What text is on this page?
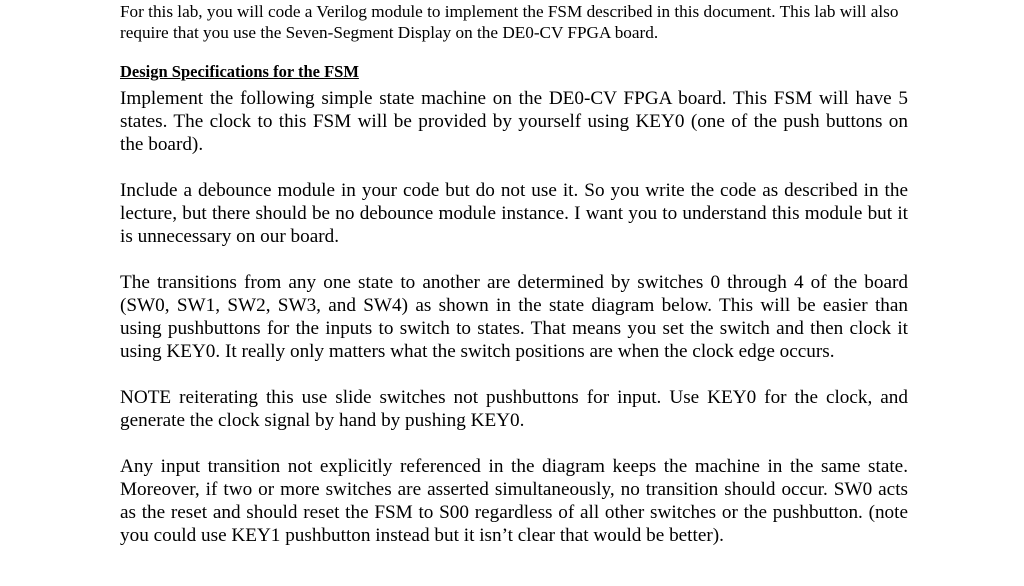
For this lab, you will code a Verilog module to implement the FSM described in this document. This lab will also require that you use the Seven-Segment Display on the DE0-CV FPGA board.

Design Specifications for the FSM

Implement the following simple state machine on the DE0-CV FPGA board. This FSM will have 5 states. The clock to this FSM will be provided by yourself using KEY0 (one of the push buttons on the board).

Include a debounce module in your code but do not use it. So you write the code as described in the lecture, but there should be no debounce module instance. I want you to understand this module but it is unnecessary on our board.

The transitions from any one state to another are determined by switches 0 through 4 of the board (SW0, SW1, SW2, SW3, and SW4) as shown in the state diagram below. This will be easier than using pushbuttons for the inputs to switch to states. That means you set the switch and then clock it using KEY0. It really only matters what the switch positions are when the clock edge occurs.

NOTE reiterating this use slide switches not pushbuttons for input. Use KEY0 for the clock, and generate the clock signal by hand by pushing KEY0.

Any input transition not explicitly referenced in the diagram keeps the machine in the same state. Moreover, if two or more switches are asserted simultaneously, no transition should occur. SW0 acts as the reset and should reset the FSM to S00 regardless of all other switches or the pushbutton. (note you could use KEY1 pushbutton instead but it isn’t clear that would be better).
